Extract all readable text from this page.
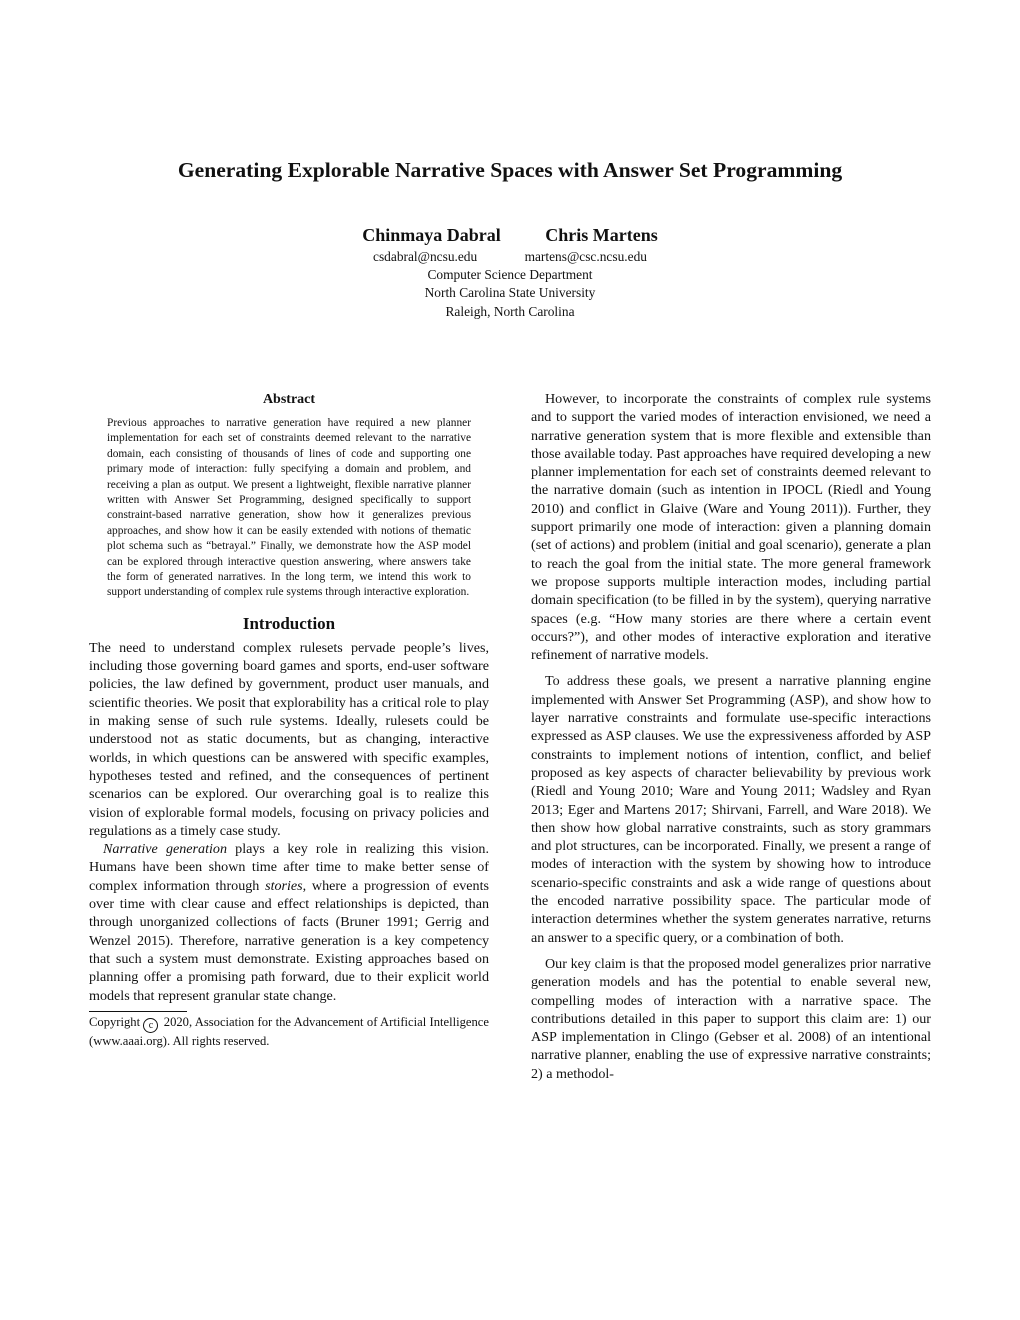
Generating Explorable Narrative Spaces with Answer Set Programming
Chinmaya Dabral Chris Martens
csdabral@ncsu.edu	martens@csc.ncsu.edu
Computer Science Department
North Carolina State University
Raleigh, North Carolina
Abstract

Previous approaches to narrative generation have required a new planner implementation for each set of constraints deemed relevant to the narrative domain, each consisting of thousands of lines of code and supporting one primary mode of interaction: fully specifying a domain and problem, and receiving a plan as output. We present a lightweight, flexible narrative planner written with Answer Set Programming, designed specifically to support constraint-based narrative generation, show how it generalizes previous approaches, and show how it can be easily extended with notions of thematic plot schema such as “betrayal.” Finally, we demonstrate how the ASP model can be explored through interactive question answering, where answers take the form of generated narratives. In the long term, we intend this work to support understanding of complex rule systems through interactive exploration.

Introduction

The need to understand complex rulesets pervade people’s lives, including those governing board games and sports, end-user software policies, the law defined by government, product user manuals, and scientific theories. We posit that explorability has a critical role to play in making sense of such rule systems. Ideally, rulesets could be understood not as static documents, but as changing, interactive worlds, in which questions can be answered with specific examples, hypotheses tested and refined, and the consequences of pertinent scenarios can be explored. Our overarching goal is to realize this vision of explorable formal models, focusing on privacy policies and regulations as a timely case study.

Narrative generation plays a key role in realizing this vision. Humans have been shown time after time to make better sense of complex information through stories, where a progression of events over time with clear cause and effect relationships is depicted, than through unorganized collections of facts (Bruner 1991; Gerrig and Wenzel 2015). Therefore, narrative generation is a key competency that such a system must demonstrate. Existing approaches based on planning offer a promising path forward, due to their explicit world models that represent granular state change.

Copyright c 2020, Association for the Advancement of Artificial Intelligence (www.aaai.org). All rights reserved.

However, to incorporate the constraints of complex rule systems and to support the varied modes of interaction envisioned, we need a narrative generation system that is more flexible and extensible than those available today. Past approaches have required developing a new planner implementation for each set of constraints deemed relevant to the narrative domain (such as intention in IPOCL (Riedl and Young 2010) and conflict in Glaive (Ware and Young 2011)). Further, they support primarily one mode of interaction: given a planning domain (set of actions) and problem (initial and goal scenario), generate a plan to reach the goal from the initial state. The more general framework we propose supports multiple interaction modes, including partial domain specification (to be filled in by the system), querying narrative spaces (e.g. “How many stories are there where a certain event occurs?”), and other modes of interactive exploration and iterative refinement of narrative models.

To address these goals, we present a narrative planning engine implemented with Answer Set Programming (ASP), and show how to layer narrative constraints and formulate use-specific interactions expressed as ASP clauses. We use the expressiveness afforded by ASP constraints to implement notions of intention, conflict, and belief proposed as key aspects of character believability by previous work (Riedl and Young 2010; Ware and Young 2011; Wadsley and Ryan 2013; Eger and Martens 2017; Shirvani, Farrell, and Ware 2018). We then show how global narrative constraints, such as story grammars and plot structures, can be incorporated. Finally, we present a range of modes of interaction with the system by showing how to introduce scenario-specific constraints and ask a wide range of questions about the encoded narrative possibility space. The particular mode of interaction determines whether the system generates narrative, returns an answer to a specific query, or a combination of both.

Our key claim is that the proposed model generalizes prior narrative generation models and has the potential to enable several new, compelling modes of interaction with a narrative space. The contributions detailed in this paper to support this claim are: 1) our ASP implementation in Clingo (Gebser et al. 2008) of an intentional narrative planner, enabling the use of expressive narrative constraints; 2) a methodol-
